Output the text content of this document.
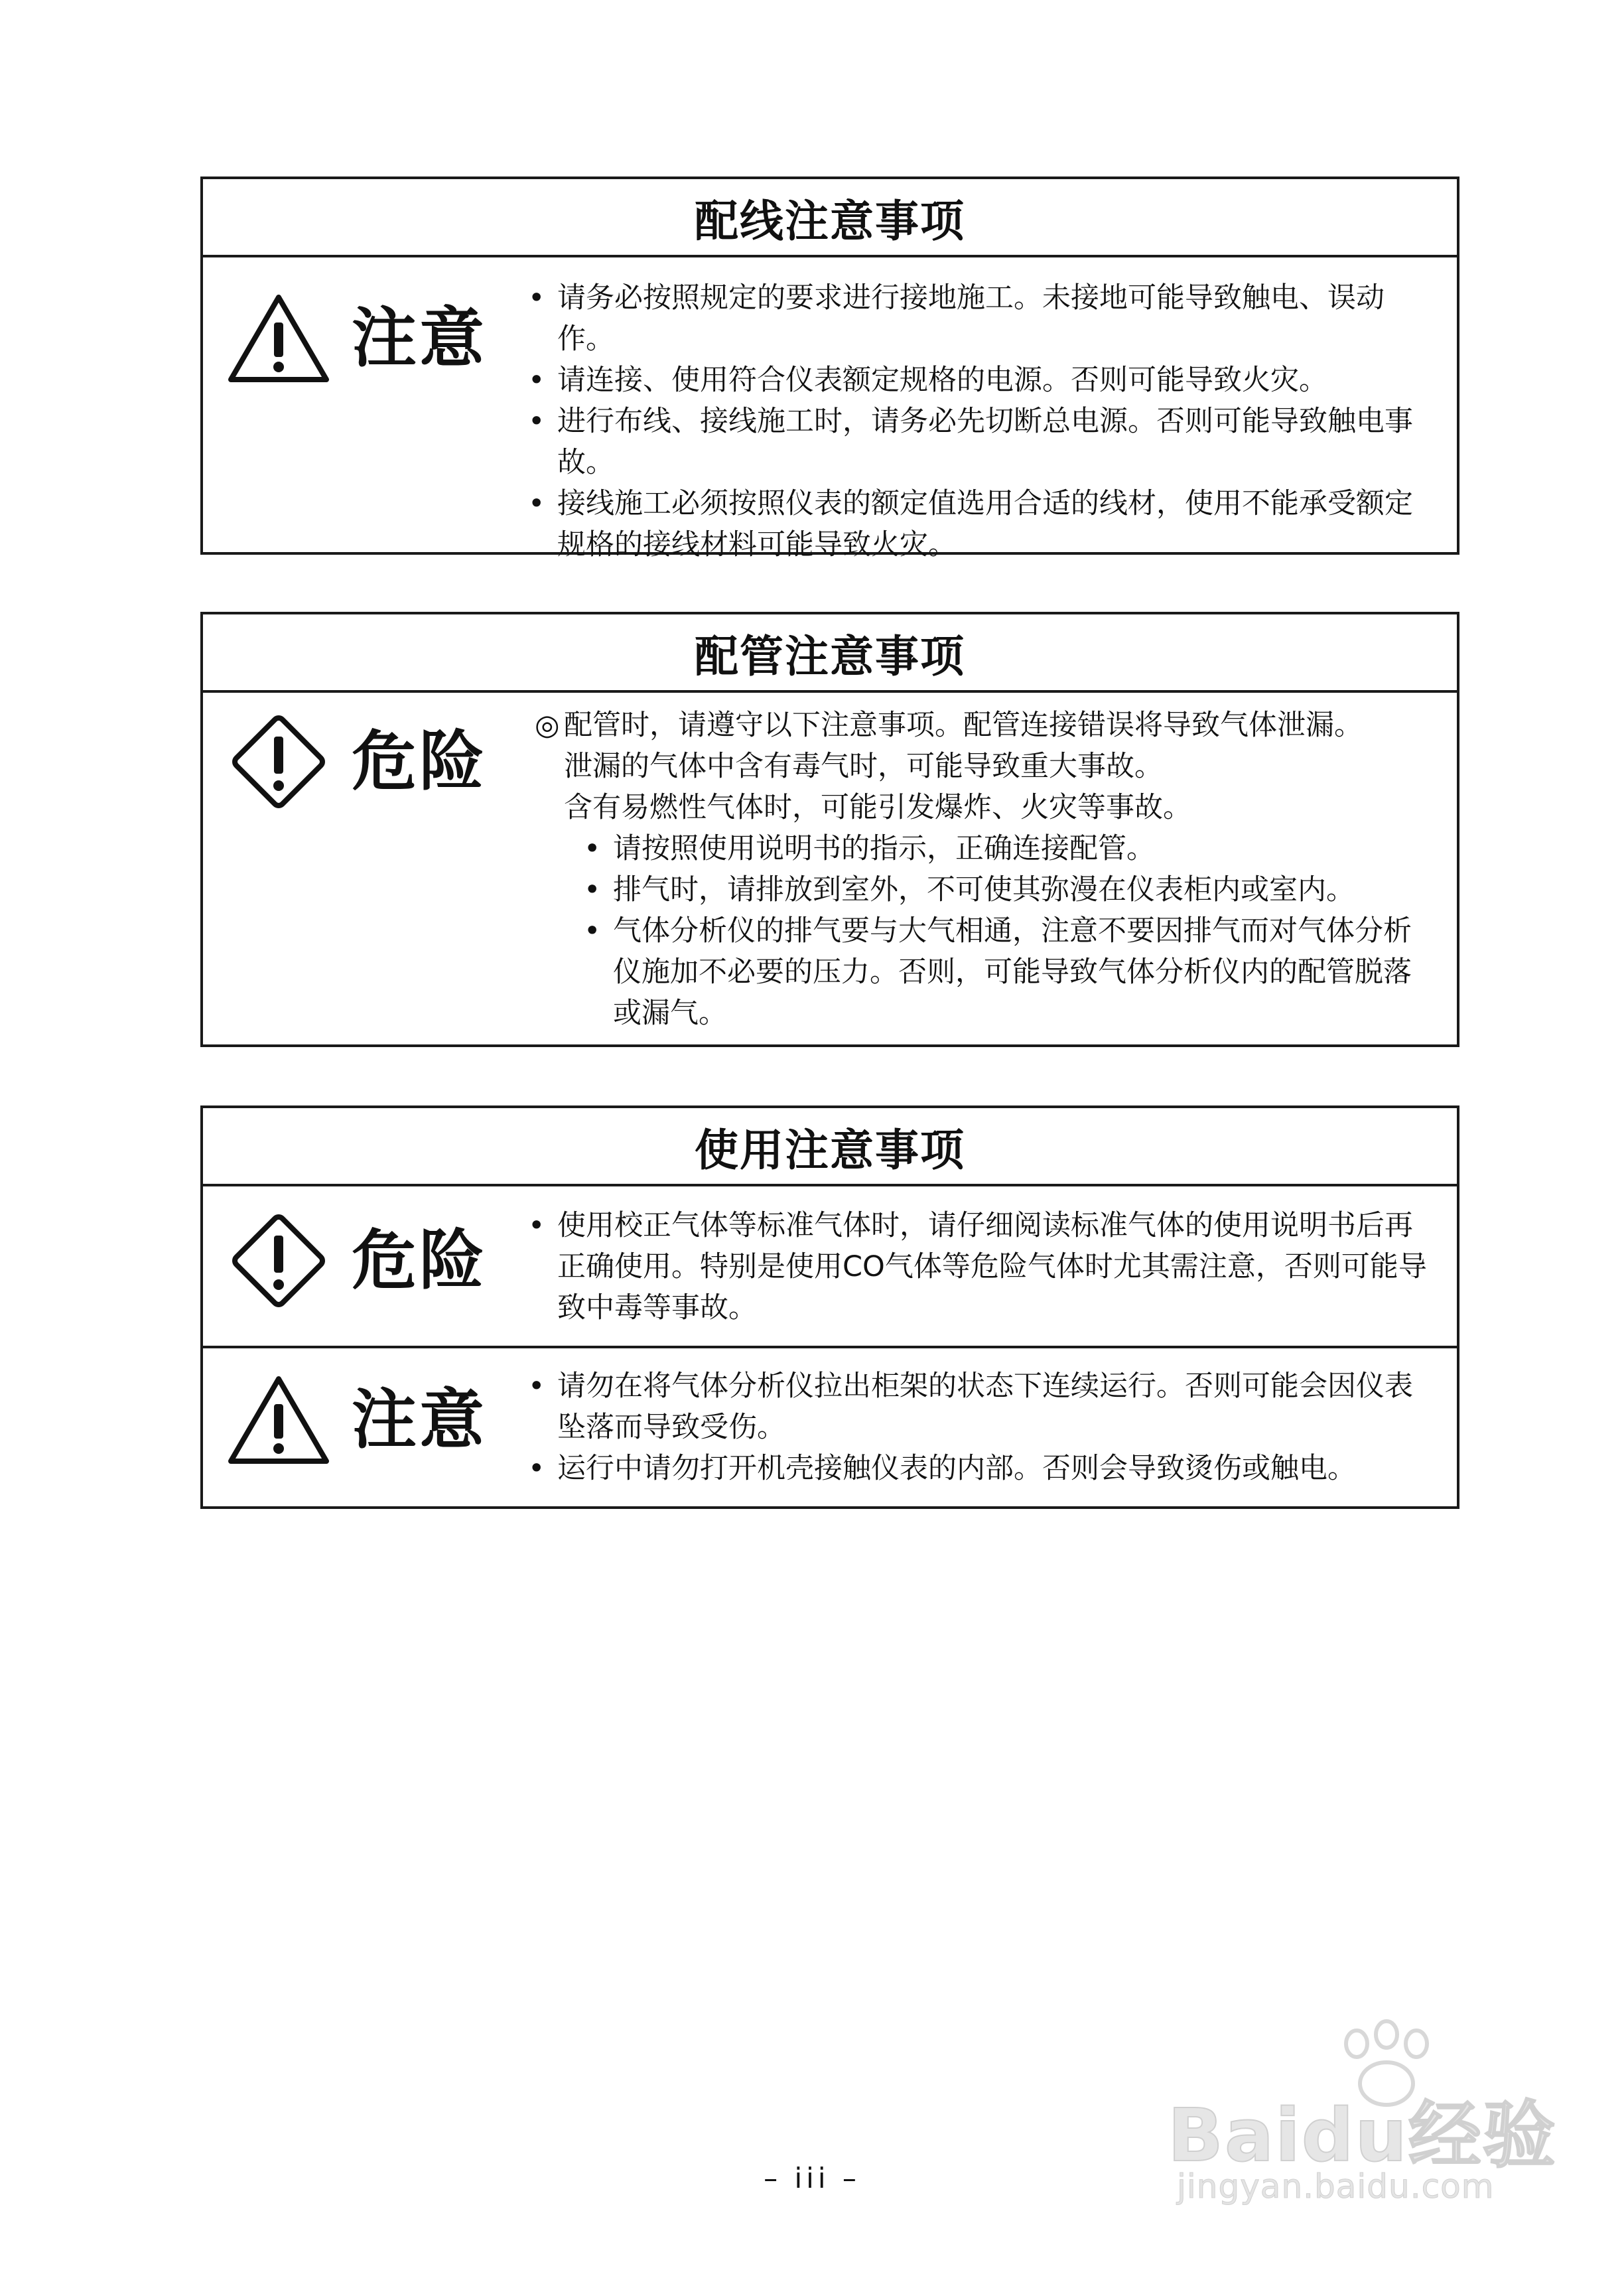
配线注意事项
注意
• 请务必按照规定的要求进行接地施工。未接地可能导致触电、误动作。
• 请连接、使用符合仪表额定规格的电源。否则可能导致火灾。
• 进行布线、接线施工时，请务必先切断总电源。否则可能导致触电事故。
• 接线施工必须按照仪表的额定值选用合适的线材，使用不能承受额定规格的接线材料可能导致火灾。
配管注意事项
危险 ◎ 配管时，请遵守以下注意事项。配管连接错误将导致气体泄漏。
泄漏的气体中含有毒气时，可能导致重大事故。
含有易燃性气体时，可能引发爆炸、火灾等事故。
• 请按照使用说明书的指示，正确连接配管。
• 排气时，请排放到室外，不可使其弥漫在仪表柜内或室内。
• 气体分析仪的排气要与大气相通，注意不要因排气而对气体分析仪施加不必要的压力。否则，可能导致气体分析仪内的配管脱落或漏气。
使用注意事项
危险 • 使用校正气体等标准气体时，请仔细阅读标准气体的使用说明书后再正确使用。特别是使用CO气体等危险气体时尤其需注意，否则可能导致中毒等事故。
注意 • 请勿在将气体分析仪拉出柜架的状态下连续运行。否则可能会因仪表坠落而导致受伤。
• 运行中请勿打开机壳接触仪表的内部。否则会导致烫伤或触电。
– iii –
Baidu经验
jingyan.baidu.com
